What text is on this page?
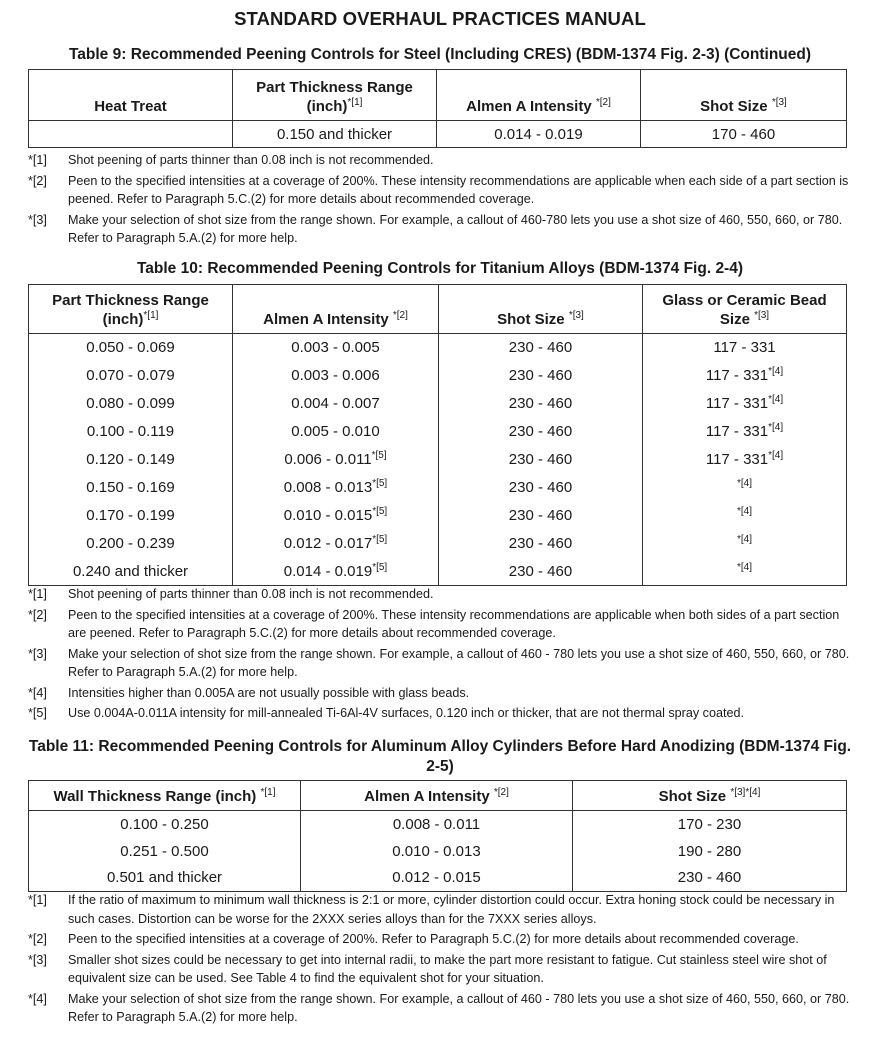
STANDARD OVERHAUL PRACTICES MANUAL
Table 9: Recommended Peening Controls for Steel (Including CRES) (BDM-1374 Fig. 2-3) (Continued)
Heat Treat	Part Thickness Range (inch)$^{*[1]}$	Almen A Intensity $^{*[2]}$	Shot Size $^{*[3]}$
	0.150 and thicker	0.014 - 0.019	170 - 460
*[1]	Shot peening of parts thinner than 0.08 inch is not recommended.
*[2]	Peen to the specified intensities at a coverage of 200%. These intensity recommendations are applicable when each side of a part section is peened. Refer to Paragraph 5.C.(2) for more details about recommended coverage.
*[3]	Make your selection of shot size from the range shown. For example, a callout of 460-780 lets you use a shot size of 460, 550, 660, or 780. Refer to Paragraph 5.A.(2) for more help.
Table 10: Recommended Peening Controls for Titanium Alloys (BDM-1374 Fig. 2-4)
Part Thickness Range (inch)$^{*[1]}$	Almen A Intensity $^{*[2]}$	Shot Size $^{*[3]}$	Glass or Ceramic Bead Size $^{*[3]}$
0.050 - 0.069	0.003 - 0.005	230 - 460	117 - 331
0.070 - 0.079	0.003 - 0.006	230 - 460	$117 - 331^{*[4]}$
0.080 - 0.099	0.004 - 0.007	230 - 460	$117 - 331^{*[4]}$
0.100 - 0.119	0.005 - 0.010	230 - 460	$117 - 331^{*[4]}$
0.120 - 0.149	$0.006 - 0.011^{*[5]}$	230 - 460	$117 - 331^{*[4]}$
0.150 - 0.169	$0.008 - 0.013^{*[5]}$	230 - 460	$^{*[4]}$
0.170 - 0.199	$0.010 - 0.015^{*[5]}$	230 - 460	$^{*[4]}$
0.200 - 0.239	$0.012 - 0.017^{*[5]}$	230 - 460	$^{*[4]}$
0.240 and thicker	$0.014 - 0.019^{*[5]}$	230 - 460	$^{*[4]}$
*[1]	Shot peening of parts thinner than 0.08 inch is not recommended.
*[2]	Peen to the specified intensities at a coverage of 200%. These intensity recommendations are applicable when both sides of a part section are peened. Refer to Paragraph 5.C.(2) for more details about recommended coverage.
*[3]	Make your selection of shot size from the range shown. For example, a callout of 460 - 780 lets you use a shot size of 460, 550, 660, or 780. Refer to Paragraph 5.A.(2) for more help.
*[4]	Intensities higher than 0.005A are not usually possible with glass beads.
*[5]	Use 0.004A-0.011A intensity for mill-annealed Ti-6Al-4V surfaces, 0.120 inch or thicker, that are not thermal spray coated.
Table 11: Recommended Peening Controls for Aluminum Alloy Cylinders Before Hard Anodizing (BDM-1374 Fig. 2-5)
Wall Thickness Range (inch) $^{*[1]}$	Almen A Intensity $^{*[2]}$	Shot Size $^{*[3]*[4]}$
0.100 - 0.250	0.008 - 0.011	170 - 230
0.251 - 0.500	0.010 - 0.013	190 - 280
0.501 and thicker	0.012 - 0.015	230 - 460
*[1]	If the ratio of maximum to minimum wall thickness is 2:1 or more, cylinder distortion could occur. Extra honing stock could be necessary in such cases. Distortion can be worse for the 2XXX series alloys than for the 7XXX series alloys.
*[2]	Peen to the specified intensities at a coverage of 200%. Refer to Paragraph 5.C.(2) for more details about recommended coverage.
*[3]	Smaller shot sizes could be necessary to get into internal radii, to make the part more resistant to fatigue. Cut stainless steel wire shot of equivalent size can be used. See Table 4 to find the equivalent shot for your situation.
*[4]	Make your selection of shot size from the range shown. For example, a callout of 460 - 780 lets you use a shot size of 460, 550, 660, or 780. Refer to Paragraph 5.A.(2) for more help.
